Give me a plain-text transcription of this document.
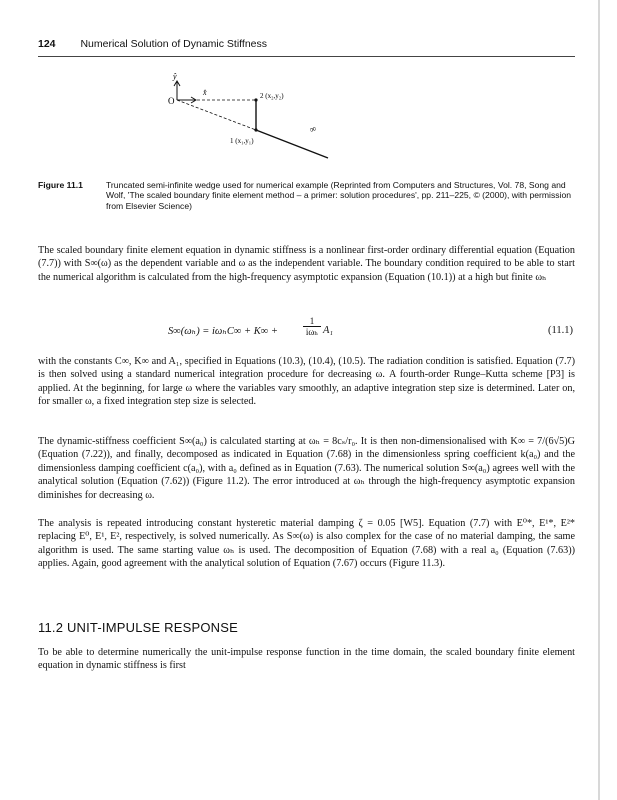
124 Numerical Solution of Dynamic Stiffness
ŷ
x̂
O	2 (x₂,y₂)
1 (x₁,y₁)
∞
Figure 11.1	Truncated semi-infinite wedge used for numerical example (Reprinted from Computers and Structures, Vol. 78, Song and Wolf, 'The scaled boundary finite element method – a primer: solution procedures', pp. 211–225, © (2000), with permission from Elsevier Science)

The scaled boundary finite element equation in dynamic stiffness is a nonlinear first-order ordinary differential equation (Equation (7.7)) with S∞(ω) as the dependent variable and ω as the independent variable. The boundary condition required to be able to start the numerical algorithm is calculated from the high-frequency asymptotic expansion (Equation (10.1)) at a high but finite ωₕ

S∞(ωₕ) = iωₕC∞ + K∞ +
1
iωₕ A₁	(11.1)

with the constants C∞, K∞ and A₁, specified in Equations (10.3), (10.4), (10.5). The radiation condition is satisfied. Equation (7.7) is then solved using a standard numerical integration procedure for decreasing ω. A fourth-order Runge–Kutta scheme [P3] is applied. At the beginning, for large ω where the variables vary smoothly, an adaptive integration step size is determined. Later on, for smaller ω, a fixed integration step size is selected.

The dynamic-stiffness coefficient S∞(a₀) is calculated starting at ωₕ = 8cₛ/r₀. It is then non-dimensionalised with K∞ = 7/(6√5)G (Equation (7.22)), and finally, decomposed as indicated in Equation (7.68) in the dimensionless spring coefficient k(a₀) and the dimensionless damping coefficient c(a₀), with a₀ defined as in Equation (7.63). The numerical solution S∞(a₀) agrees well with the analytical solution (Equation (7.62)) (Figure 11.2). The error introduced at ωₕ through the high-frequency asymptotic expansion diminishes for decreasing ω.

The analysis is repeated introducing constant hysteretic material damping ζ = 0.05 [W5]. Equation (7.7) with E⁰*, E¹*, E²* replacing E⁰, E¹, E², respectively, is solved numerically. As S∞(ω) is also complex for the case of no material damping, the same algorithm is used. The same starting value ωₕ is used. The decomposition of Equation (7.68) with a real a₀ (Equation (7.63)) applies. Again, good agreement with the analytical solution of Equation (7.67) occurs (Figure 11.3).

11.2 UNIT-IMPULSE RESPONSE

To be able to determine numerically the unit-impulse response function in the time domain, the scaled boundary finite element equation in dynamic stiffness is first
